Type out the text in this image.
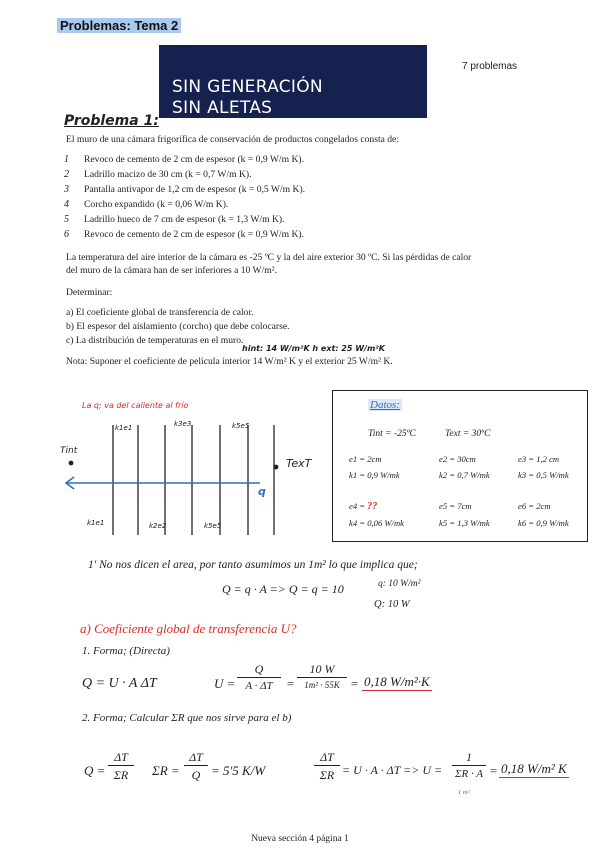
Problemas: Tema 2
7 problemas
SIN GENERACIÓN
SIN ALETAS
Problema 1:
El muro de una cámara frigorífica de conservación de productos congelados consta de:
1 Revoco de cemento de 2 cm de espesor (k = 0,9 W/m K).
2 Ladrillo macizo de 30 cm (k = 0,7 W/m K).
3 Pantalla antivapor de 1,2 cm de espesor (k = 0,5 W/m K).
4 Corcho expandido (k = 0,06 W/m K).
5 Ladrillo hueco de 7 cm de espesor (k = 1,3 W/m K).
6 Revoco de cemento de 2 cm de espesor (k = 0,9 W/m K).
La temperatura del aire interior de la cámara es -25 ºC y la del aire exterior 30 ºC. Si las pérdidas de calor
del muro de la cámara han de ser inferiores a 10 W/m².
Determinar:
a) El coeficiente global de transferencia de calor.
b) El espesor del aislamiento (corcho) que debe colocarse.
c) La distribución de temperaturas en el muro.
hint: 14 W/m²K h ext: 25 W/m²K
Nota: Suponer el coeficiente de película interior 14 W/m² K y el exterior 25 W/m² K.
La q; va del caliente al frío
Tint
TexT
q
k1e1	k3e3	k5e5
k1e1	k2e2	k5e5
Datos:
Tint = -25ºC	Text = 30ºC
e1 = 2cm	e2 = 30cm	e3 = 1,2 cm
k1 = 0,9 W/mk	k2 = 0,7 W/mk	k3 = 0,5 W/mk
e4 = ??	e5 = 7cm	e6 = 2cm
k4 = 0,06 W/mk	k5 = 1,3 W/mk	k6 = 0,9 W/mk
1' No nos dicen el area, por tanto asumimos un 1m² lo que implica que;
Q = q · A => Q = q = 10	q: 10 W/m²
Q: 10 W
a) Coeficiente global de transferencia U?
1. Forma; (Directa)
Q = U · A ΔT	U =
Q
A · ΔT	=
10 W
1m² · 55K = 0,18 W/m²·K
2. Forma; Calcular ΣR que nos sirve para el b)
Q =
ΔT
ΣR	ΣR =
ΔT
Q = 5'5 K/W
ΔT
ΣR = U · A · ΔT => U =
1
ΣR · A
1 m²
= 0,18 W/m² K
Nueva sección 4 página 1
